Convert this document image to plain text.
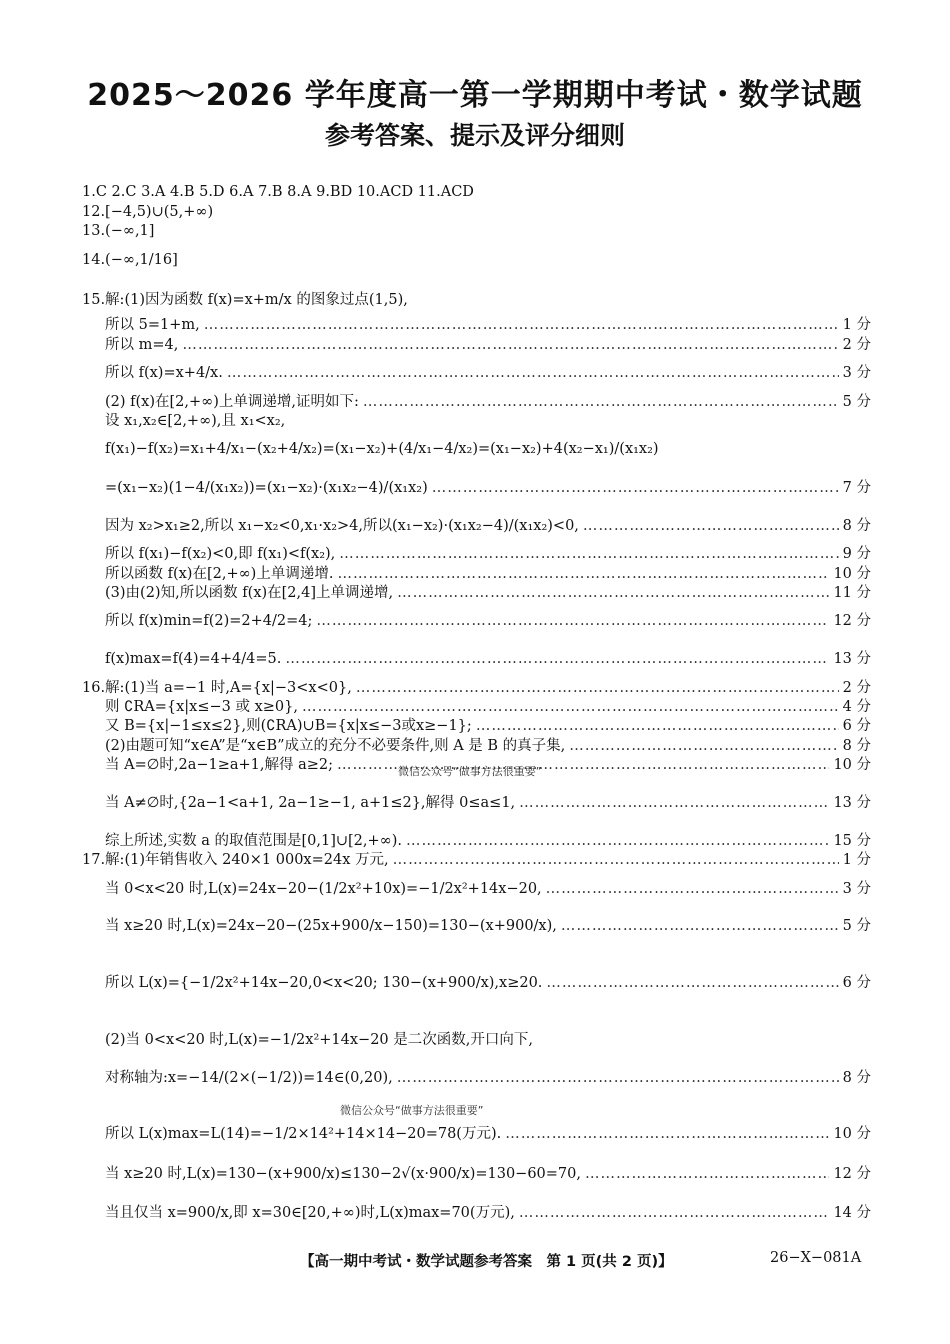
2025～2026 学年度高一第一学期期中考试・数学试题
参考答案、提示及评分细则
1.C 2.C 3.A 4.B 5.D 6.A 7.B 8.A 9.BD 10.ACD 11.ACD
12.[−4,5)∪(5,+∞)
13.(−∞,1]
14.(−∞,1/16]
15.解:(1)因为函数 f(x)=x+m/x 的图象过点(1,5),
所以 5=1+m, ………………………………………………………………………………………………………………………………………………………………………………………………………………………………	1 分
所以 m=4, ………………………………………………………………………………………………………………………………………………………………………………………………………………………………	2 分
所以 f(x)=x+4/x. ………………………………………………………………………………………………………………………………………………………………………………………………………………………………	3 分
(2) f(x)在[2,+∞)上单调递增,证明如下: ………………………………………………………………………………………………………………………………………………………………………………………………………………………………	5 分
设 x₁,x₂∈[2,+∞),且 x₁<x₂,
f(x₁)−f(x₂)=x₁+4/x₁−(x₂+4/x₂)=(x₁−x₂)+(4/x₁−4/x₂)=(x₁−x₂)+4(x₂−x₁)/(x₁x₂)
=(x₁−x₂)(1−4/(x₁x₂))=(x₁−x₂)·(x₁x₂−4)/(x₁x₂) ………………………………………………………………………………………………………………………………………………………………………………………………………………………………	7 分
因为 x₂>x₁≥2,所以 x₁−x₂<0,x₁·x₂>4,所以(x₁−x₂)·(x₁x₂−4)/(x₁x₂)<0, ………………………………………………………………………………………………………………………………………………………………………………………………………………………………	8 分
所以 f(x₁)−f(x₂)<0,即 f(x₁)<f(x₂), ………………………………………………………………………………………………………………………………………………………………………………………………………………………………	9 分
所以函数 f(x)在[2,+∞)上单调递增. ………………………………………………………………………………………………………………………………………………………………………………………………………………………………	10 分
(3)由(2)知,所以函数 f(x)在[2,4]上单调递增, ………………………………………………………………………………………………………………………………………………………………………………………………………………………………	11 分
所以 f(x)min=f(2)=2+4/2=4; ………………………………………………………………………………………………………………………………………………………………………………………………………………………………	12 分
f(x)max=f(4)=4+4/4=5. ………………………………………………………………………………………………………………………………………………………………………………………………………………………………	13 分
16.解:(1)当 a=−1 时,A={x|−3<x<0}, ………………………………………………………………………………………………………………………………………………………………………………………………………………………………	2 分
则 ∁RA={x|x≤−3 或 x≥0}, ………………………………………………………………………………………………………………………………………………………………………………………………………………………………	4 分
又 B={x|−1≤x≤2},则(∁RA)∪B={x|x≤−3或x≥−1}; ………………………………………………………………………………………………………………………………………………………………………………………………………………………………	6 分
(2)由题可知“x∈A”是“x∈B”成立的充分不必要条件,则 A 是 B 的真子集, ………………………………………………………………………………………………………………………………………………………………………………………………………………………………	8 分
当 A=∅时,2a−1≥a+1,解得 a≥2; ………………………………………………………………………………………………………………………………………………………………………………………………………………………………	10 分
微信公众号“做事方法很重要”
当 A≠∅时,{2a−1<a+1, 2a−1≥−1, a+1≤2},解得 0≤a≤1, ………………………………………………………………………………………………………………………………………………………………………………………………………………………………	13 分
综上所述,实数 a 的取值范围是[0,1]∪[2,+∞). ………………………………………………………………………………………………………………………………………………………………………………………………………………………………	15 分
17.解:(1)年销售收入 240×1 000x=24x 万元, ………………………………………………………………………………………………………………………………………………………………………………………………………………………………	1 分
当 0<x<20 时,L(x)=24x−20−(1/2x²+10x)=−1/2x²+14x−20, ………………………………………………………………………………………………………………………………………………………………………………………………………………………………	3 分
当 x≥20 时,L(x)=24x−20−(25x+900/x−150)=130−(x+900/x), ………………………………………………………………………………………………………………………………………………………………………………………………………………………………	5 分
所以 L(x)={−1/2x²+14x−20,0<x<20; 130−(x+900/x),x≥20. ………………………………………………………………………………………………………………………………………………………………………………………………………………………………	6 分
(2)当 0<x<20 时,L(x)=−1/2x²+14x−20 是二次函数,开口向下,
对称轴为:x=−14/(2×(−1/2))=14∈(0,20), ………………………………………………………………………………………………………………………………………………………………………………………………………………………………	8 分
微信公众号“做事方法很重要”
所以 L(x)max=L(14)=−1/2×14²+14×14−20=78(万元). ………………………………………………………………………………………………………………………………………………………………………………………………………………………………	10 分
当 x≥20 时,L(x)=130−(x+900/x)≤130−2√(x·900/x)=130−60=70, ………………………………………………………………………………………………………………………………………………………………………………………………………………………………	12 分
当且仅当 x=900/x,即 x=30∈[20,+∞)时,L(x)max=70(万元), ………………………………………………………………………………………………………………………………………………………………………………………………………………………………	14 分
【高一期中考试・数学试题参考答案　第 1 页(共 2 页)】	26−X−081A
